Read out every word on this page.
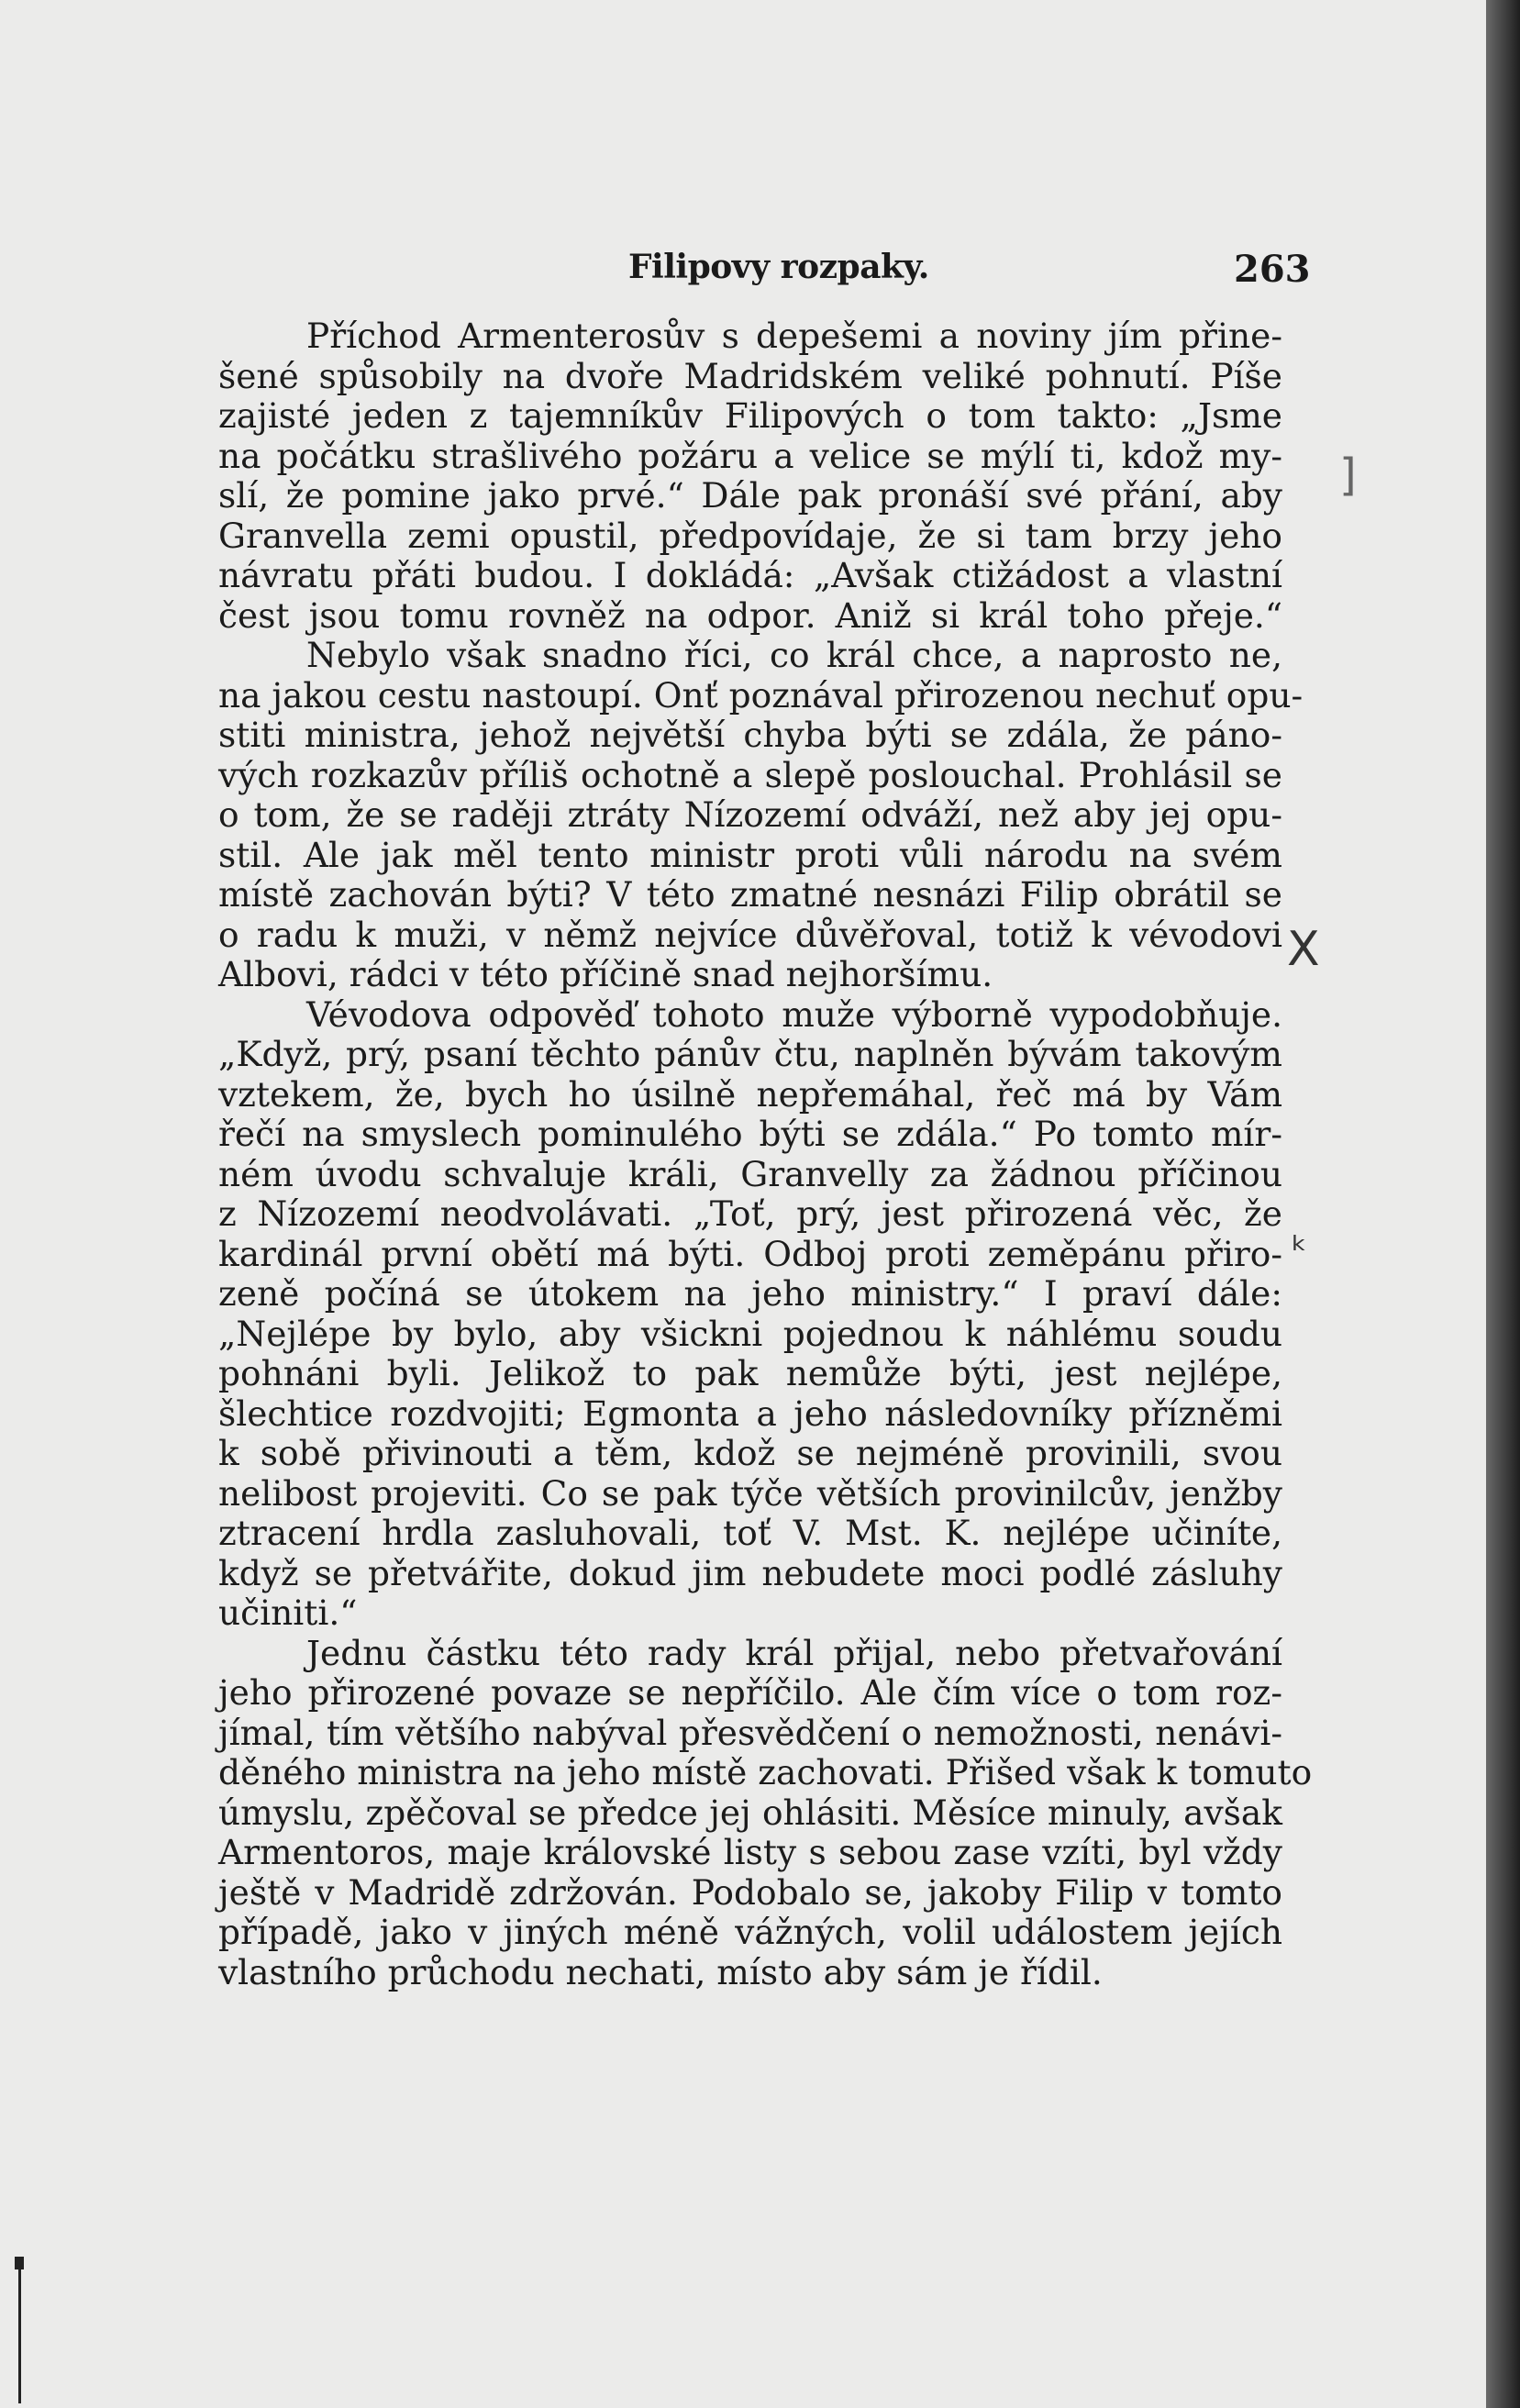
Filipovy rozpaky.	263
Příchod Armenterosův s depešemi a noviny jím přine-
šené spůsobily na dvoře Madridském veliké pohnutí. Píše
zajisté jeden z tajemníkův Filipových o tom takto: „Jsme
na počátku strašlivého požáru a velice se mýlí ti, kdož my-
slí, že pomine jako prvé.“ Dále pak pronáší své přání, aby
Granvella zemi opustil, předpovídaje, že si tam brzy jeho
návratu přáti budou. I dokládá: „Avšak ctižádost a vlastní
čest jsou tomu rovněž na odpor. Aniž si král toho přeje.“
Nebylo však snadno říci, co král chce, a naprosto ne,
na jakou cestu nastoupí. Onť poznával přirozenou nechuť opu-
stiti ministra, jehož největší chyba býti se zdála, že páno-
vých rozkazův příliš ochotně a slepě poslouchal. Prohlásil se
o tom, že se raději ztráty Nízozemí odváží, než aby jej opu-
stil. Ale jak měl tento ministr proti vůli národu na svém
místě zachován býti? V této zmatné nesnázi Filip obrátil se
o radu k muži, v němž nejvíce důvěřoval, totiž k vévodovi
Albovi, rádci v této příčině snad nejhoršímu.
Vévodova odpověď tohoto muže výborně vypodobňuje.
„Když, prý, psaní těchto pánův čtu, naplněn bývám takovým
vztekem, že, bych ho úsilně nepřemáhal, řeč má by Vám
řečí na smyslech pominulého býti se zdála.“ Po tomto mír-
ném úvodu schvaluje králi, Granvelly za žádnou příčinou
z Nízozemí neodvolávati. „Toť, prý, jest přirozená věc, že
kardinál první obětí má býti. Odboj proti zeměpánu přiro-
zeně počíná se útokem na jeho ministry.“ I praví dále:
„Nejlépe by bylo, aby všickni pojednou k náhlému soudu
pohnáni byli. Jelikož to pak nemůže býti, jest nejlépe,
šlechtice rozdvojiti; Egmonta a jeho následovníky přízněmi
k sobě přivinouti a těm, kdož se nejméně provinili, svou
nelibost projeviti. Co se pak týče větších provinilcův, jenžby
ztracení hrdla zasluhovali, toť V. Mst. K. nejlépe učiníte,
když se přetvářite, dokud jim nebudete moci podlé zásluhy
učiniti.“
Jednu částku této rady král přijal, nebo přetvařování
jeho přirozené povaze se nepříčilo. Ale čím více o tom roz-
jímal, tím většího nabýval přesvědčení o nemožnosti, nenávi-
děného ministra na jeho místě zachovati. Přišed však k tomuto
úmyslu, zpěčoval se předce jej ohlásiti. Měsíce minuly, avšak
Armentoros, maje královské listy s sebou zase vzíti, byl vždy
ještě v Madridě zdržován. Podobalo se, jakoby Filip v tomto
případě, jako v jiných méně vážných, volil událostem jejích
vlastního průchodu nechati, místo aby sám je řídil.
]
X
ᵏ
